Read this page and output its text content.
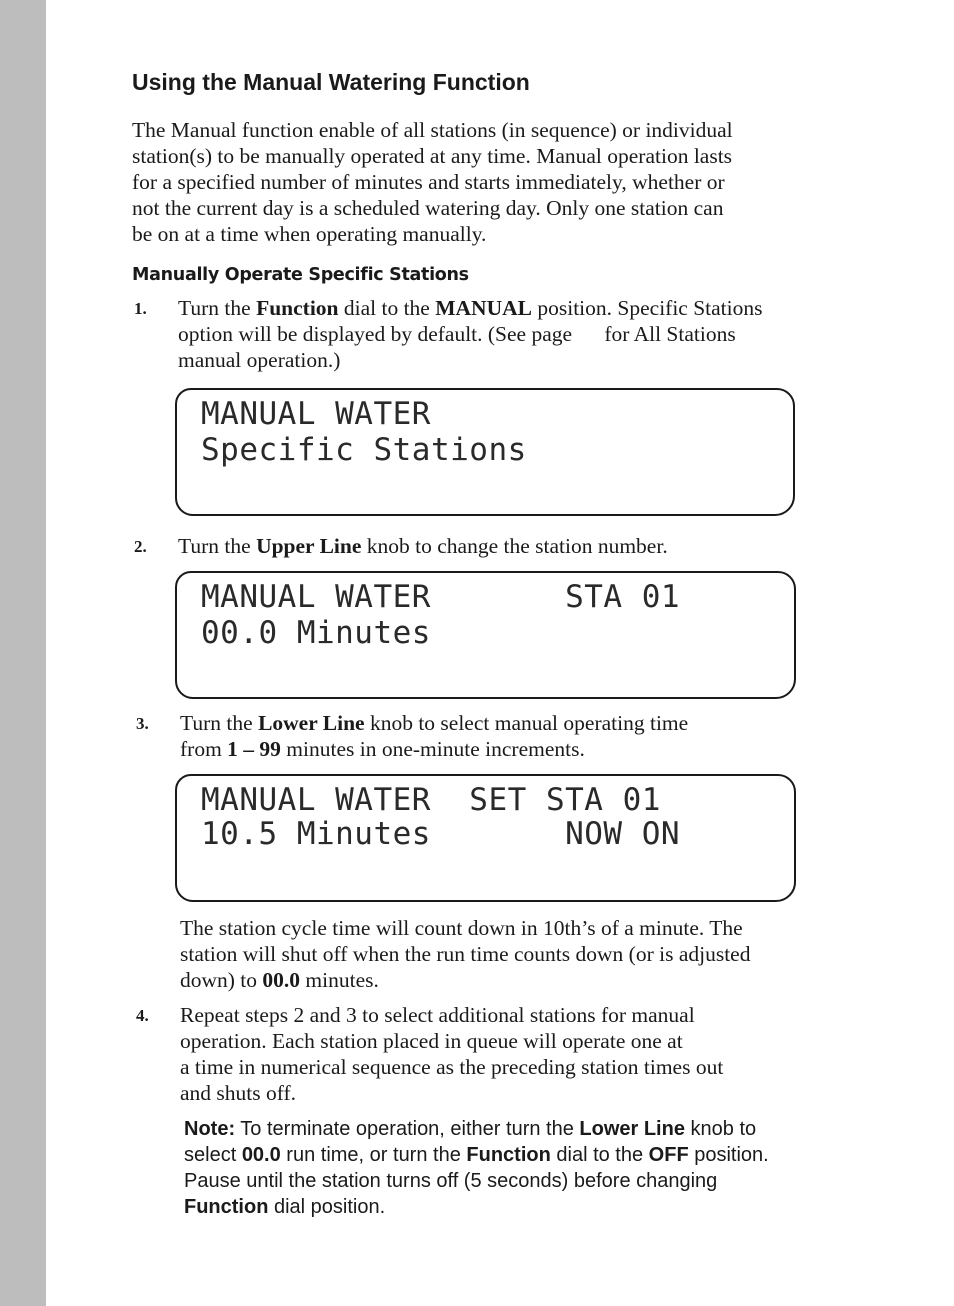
Using the Manual Watering Function
The Manual function enable of all stations (in sequence) or individual
station(s) to be manually operated at any time. Manual operation lasts
for a specified number of minutes and starts immediately, whether or
not the current day is a scheduled watering day. Only one station can
be on at a time when operating manually.
Manually Operate Specific Stations
1. Turn the Function dial to the MANUAL position. Specific Stations
option will be displayed by default. (See page      for All Stations
manual operation.)
MANUAL WATER
Specific Stations
2. Turn the Upper Line knob to change the station number.
MANUAL WATER       STA 01
00.0 Minutes
3. Turn the Lower Line knob to select manual operating time
from 1 – 99 minutes in one-minute increments.
MANUAL WATER  SET STA 01
10.5 Minutes       NOW ON
The station cycle time will count down in 10th’s of a minute. The
station will shut off when the run time counts down (or is adjusted
down) to 00.0 minutes.
4. Repeat steps 2 and 3 to select additional stations for manual
operation. Each station placed in queue will operate one at
a time in numerical sequence as the preceding station times out
and shuts off.
Note: To terminate operation, either turn the Lower Line knob to
select 00.0 run time, or turn the Function dial to the OFF position.
Pause until the station turns off (5 seconds) before changing
Function dial position.
